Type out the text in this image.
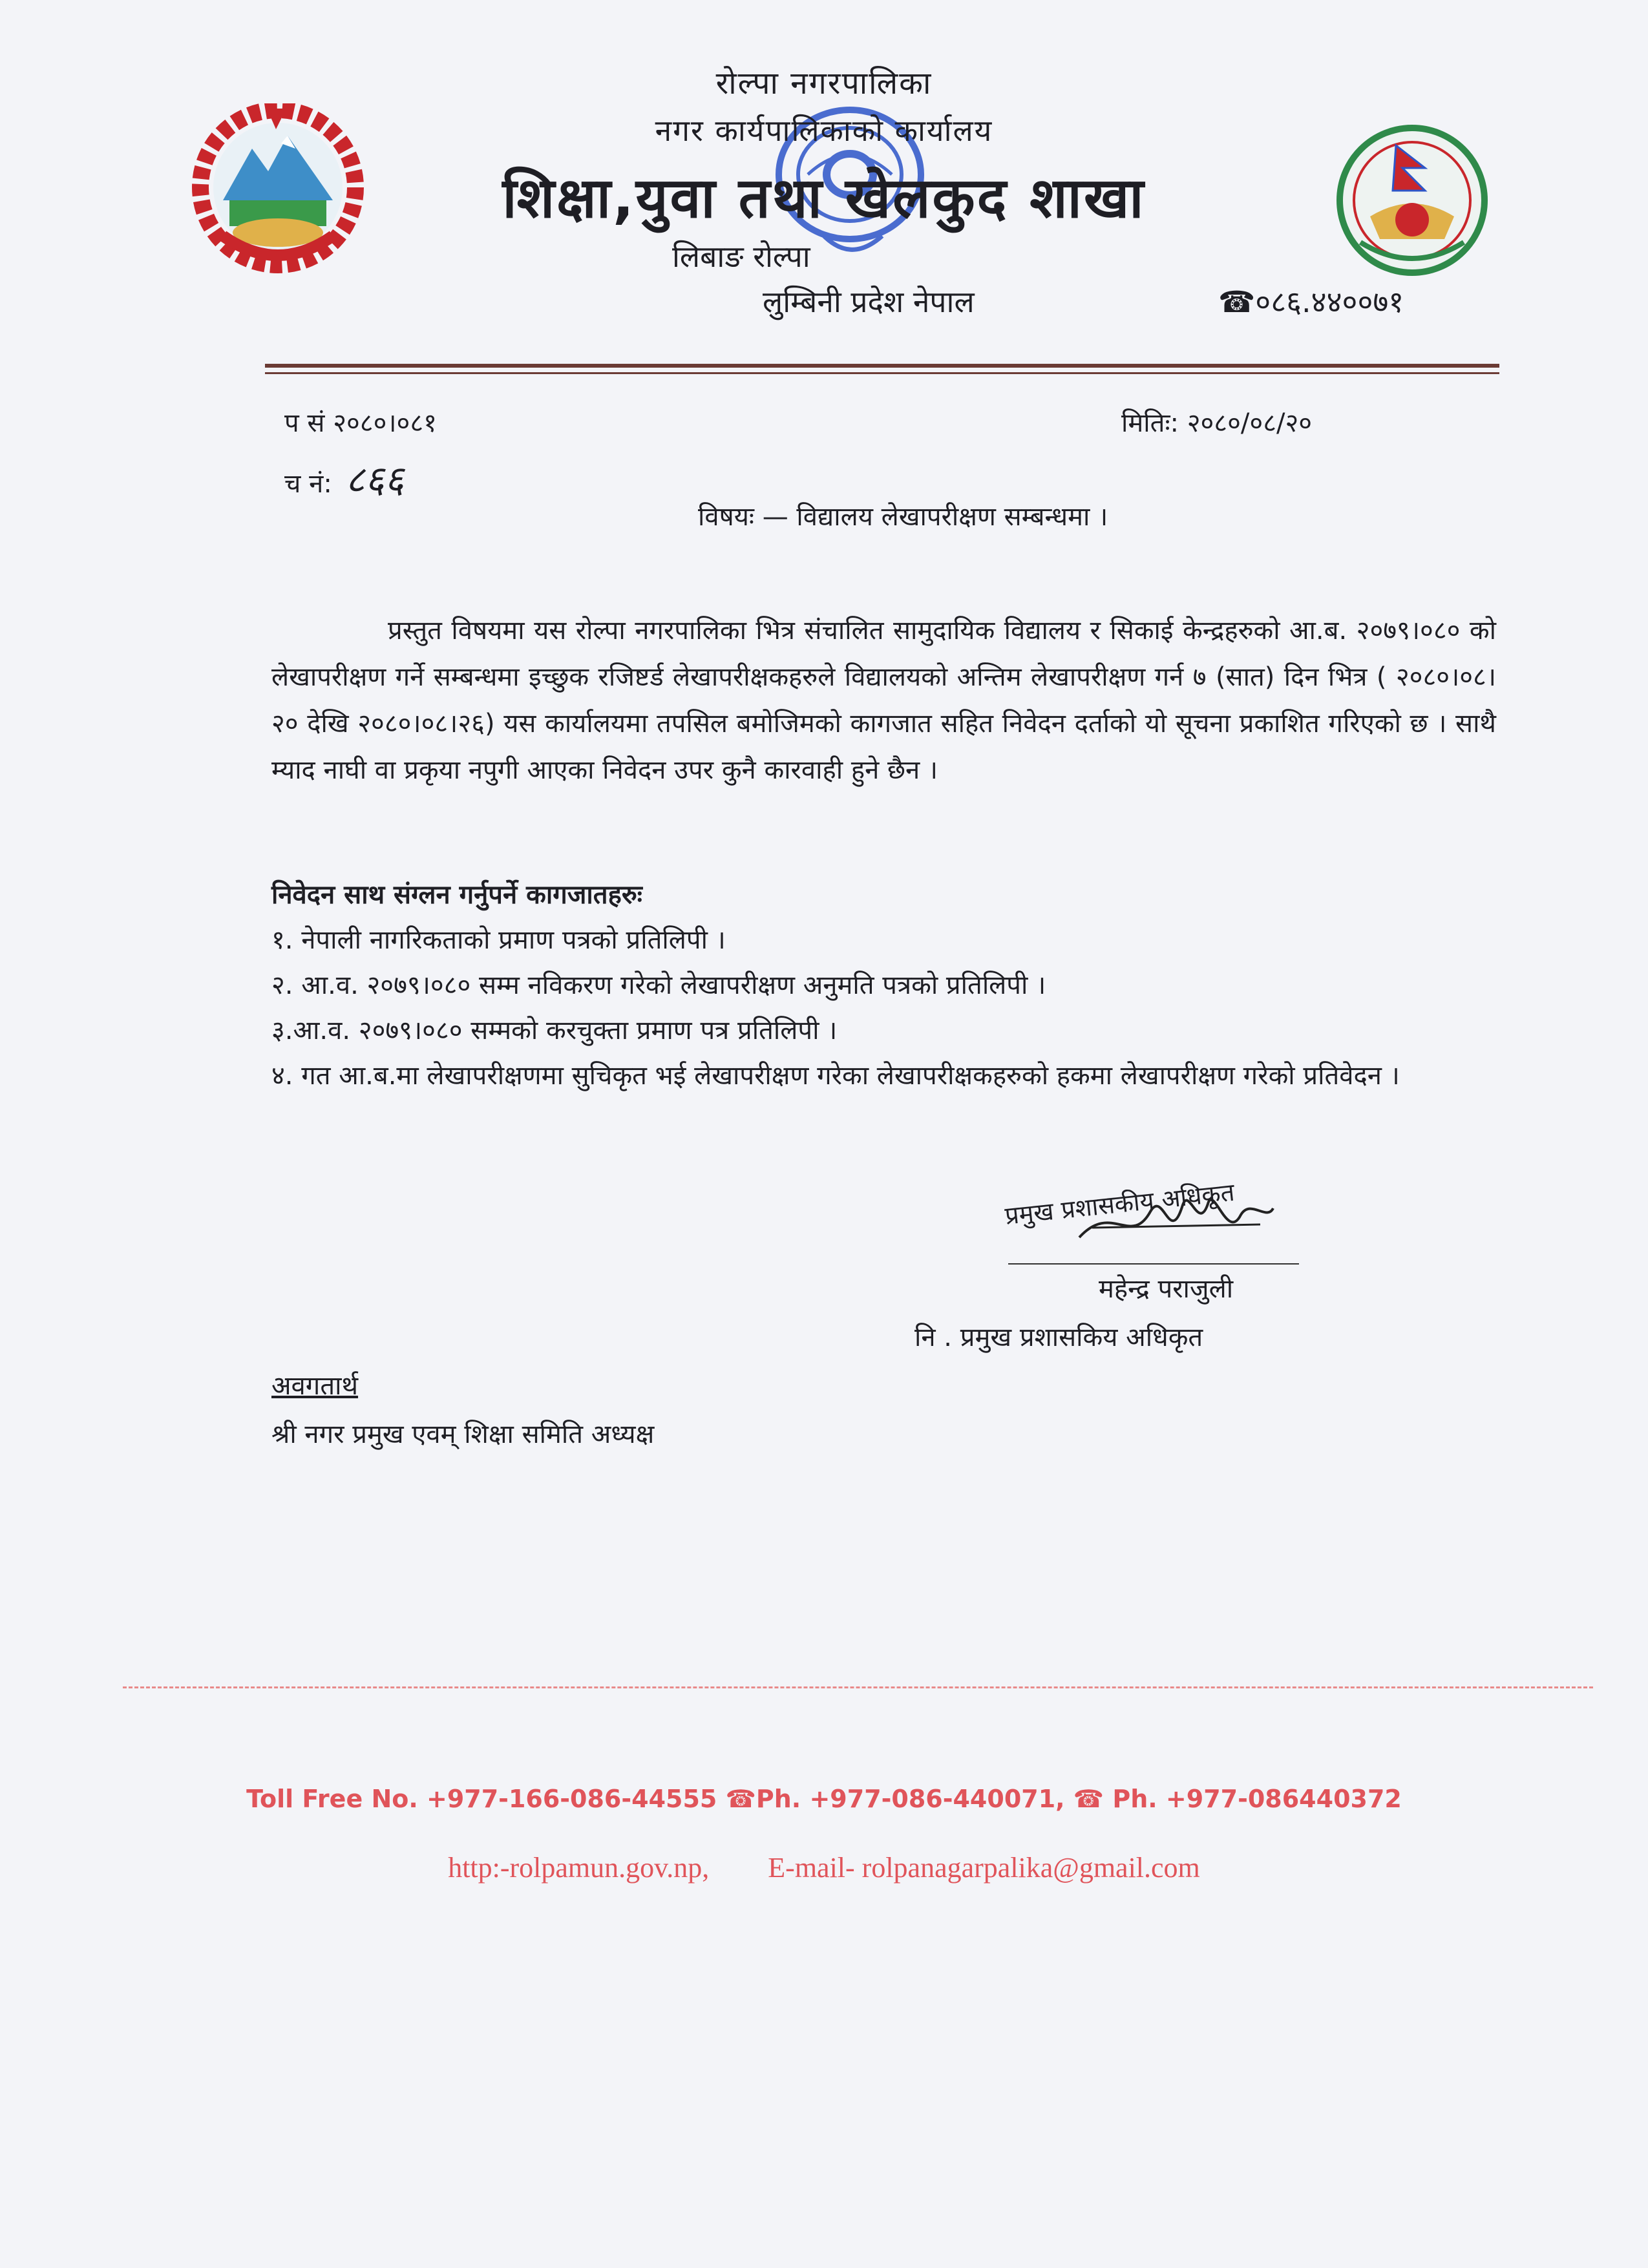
रोल्पा नगरपालिका
नगर कार्यपालिकाको कार्यालय
शिक्षा,युवा तथा खेलकुद शाखा
लिबाङ रोल्पा
लुम्बिनी प्रदेश नेपाल	☎०८६.४४००७१
प सं २०८०।०८१
च नं: ८६६
मितिः: २०८०/०८/२०
विषयः — विद्यालय लेखापरीक्षण सम्बन्धमा ।
प्रस्तुत विषयमा यस रोल्पा नगरपालिका भित्र संचालित सामुदायिक विद्यालय र सिकाई केन्द्रहरुको आ.ब. २०७९।०८० को लेखापरीक्षण गर्ने सम्बन्धमा इच्छुक रजिष्टर्ड लेखापरीक्षकहरुले विद्यालयको अन्तिम लेखापरीक्षण गर्न ७ (सात) दिन भित्र ( २०८०।०८।२० देखि २०८०।०८।२६) यस कार्यालयमा तपसिल बमोजिमको कागजात सहित निवेदन दर्ताको यो सूचना प्रकाशित गरिएको छ । साथै म्याद नाघी वा प्रकृया नपुगी आएका निवेदन उपर कुनै कारवाही हुने छैन ।
निवेदन साथ संग्लन गर्नुपर्ने कागजातहरुः
१. नेपाली नागरिकताको प्रमाण पत्रको प्रतिलिपी ।
२. आ.व. २०७९।०८० सम्म नविकरण गरेको लेखापरीक्षण अनुमति पत्रको प्रतिलिपी ।
३.आ.व. २०७९।०८० सम्मको करचुक्ता प्रमाण पत्र प्रतिलिपी ।
४. गत आ.ब.मा लेखापरीक्षणमा सुचिकृत भई लेखापरीक्षण गरेका लेखापरीक्षकहरुको हकमा लेखापरीक्षण गरेको प्रतिवेदन ।
प्रमुख प्रशासकीय अधिकृत
महेन्द्र पराजुली
नि . प्रमुख प्रशासकिय अधिकृत
अवगतार्थ
श्री नगर प्रमुख एवम् शिक्षा समिति अध्यक्ष
Toll Free No. +977-166-086-44555 ☎Ph. +977-086-440071, ☎ Ph. +977-086440372
http:-rolpamun.gov.np, E-mail- rolpanagarpalika@gmail.com
